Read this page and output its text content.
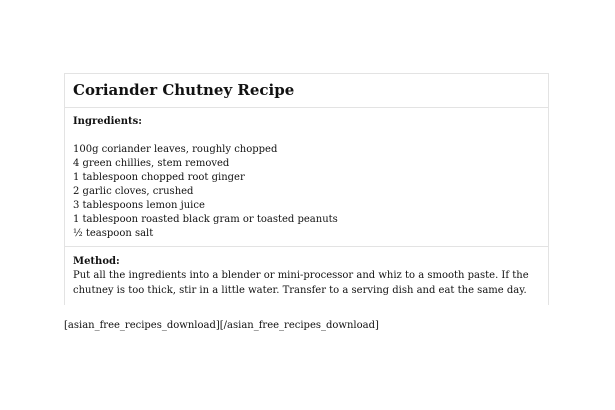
Coriander Chutney Recipe

Ingredients:

100g coriander leaves, roughly chopped
4 green chillies, stem removed
1 tablespoon chopped root ginger
2 garlic cloves, crushed
3 tablespoons lemon juice
1 tablespoon roasted black gram or toasted peanuts
½ teaspoon salt

Method:

Put all the ingredients into a blender or mini-processor and whiz to a smooth paste. If the chutney is too thick, stir in a little water. Transfer to a serving dish and eat the same day.

[asian_free_recipes_download][/asian_free_recipes_download]
